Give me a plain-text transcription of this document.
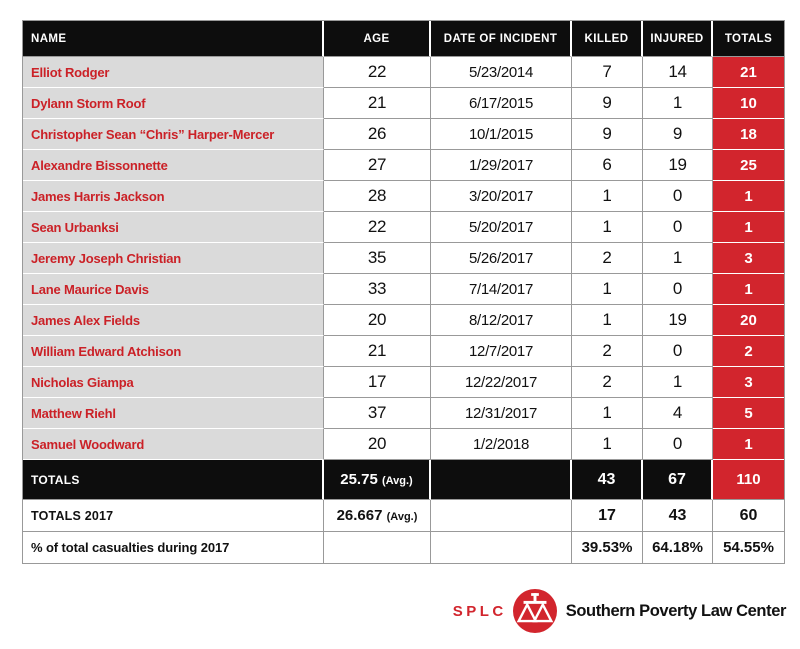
NAME	AGE	DATE OF INCIDENT	KILLED	INJURED	TOTALS
Elliot Rodger	22	5/23/2014	7	14	21
Dylann Storm Roof	21	6/17/2015	9	1	10
Christopher Sean “Chris” Harper-Mercer	26	10/1/2015	9	9	18
Alexandre Bissonnette	27	1/29/2017	6	19	25
James Harris Jackson	28	3/20/2017	1	0	1
Sean Urbanksi	22	5/20/2017	1	0	1
Jeremy Joseph Christian	35	5/26/2017	2	1	3
Lane Maurice Davis	33	7/14/2017	1	0	1
James Alex Fields	20	8/12/2017	1	19	20
William Edward Atchison	21	12/7/2017	2	0	2
Nicholas Giampa	17	12/22/2017	2	1	3
Matthew Riehl	37	12/31/2017	1	4	5
Samuel Woodward	20	1/2/2018	1	0	1
TOTALS	25.75 (Avg.)		43	67	110
TOTALS 2017	26.667 (Avg.)		17	43	60
% of total casualties during 2017			39.53%	64.18%	54.55%
SPLC	Southern Poverty Law Center
